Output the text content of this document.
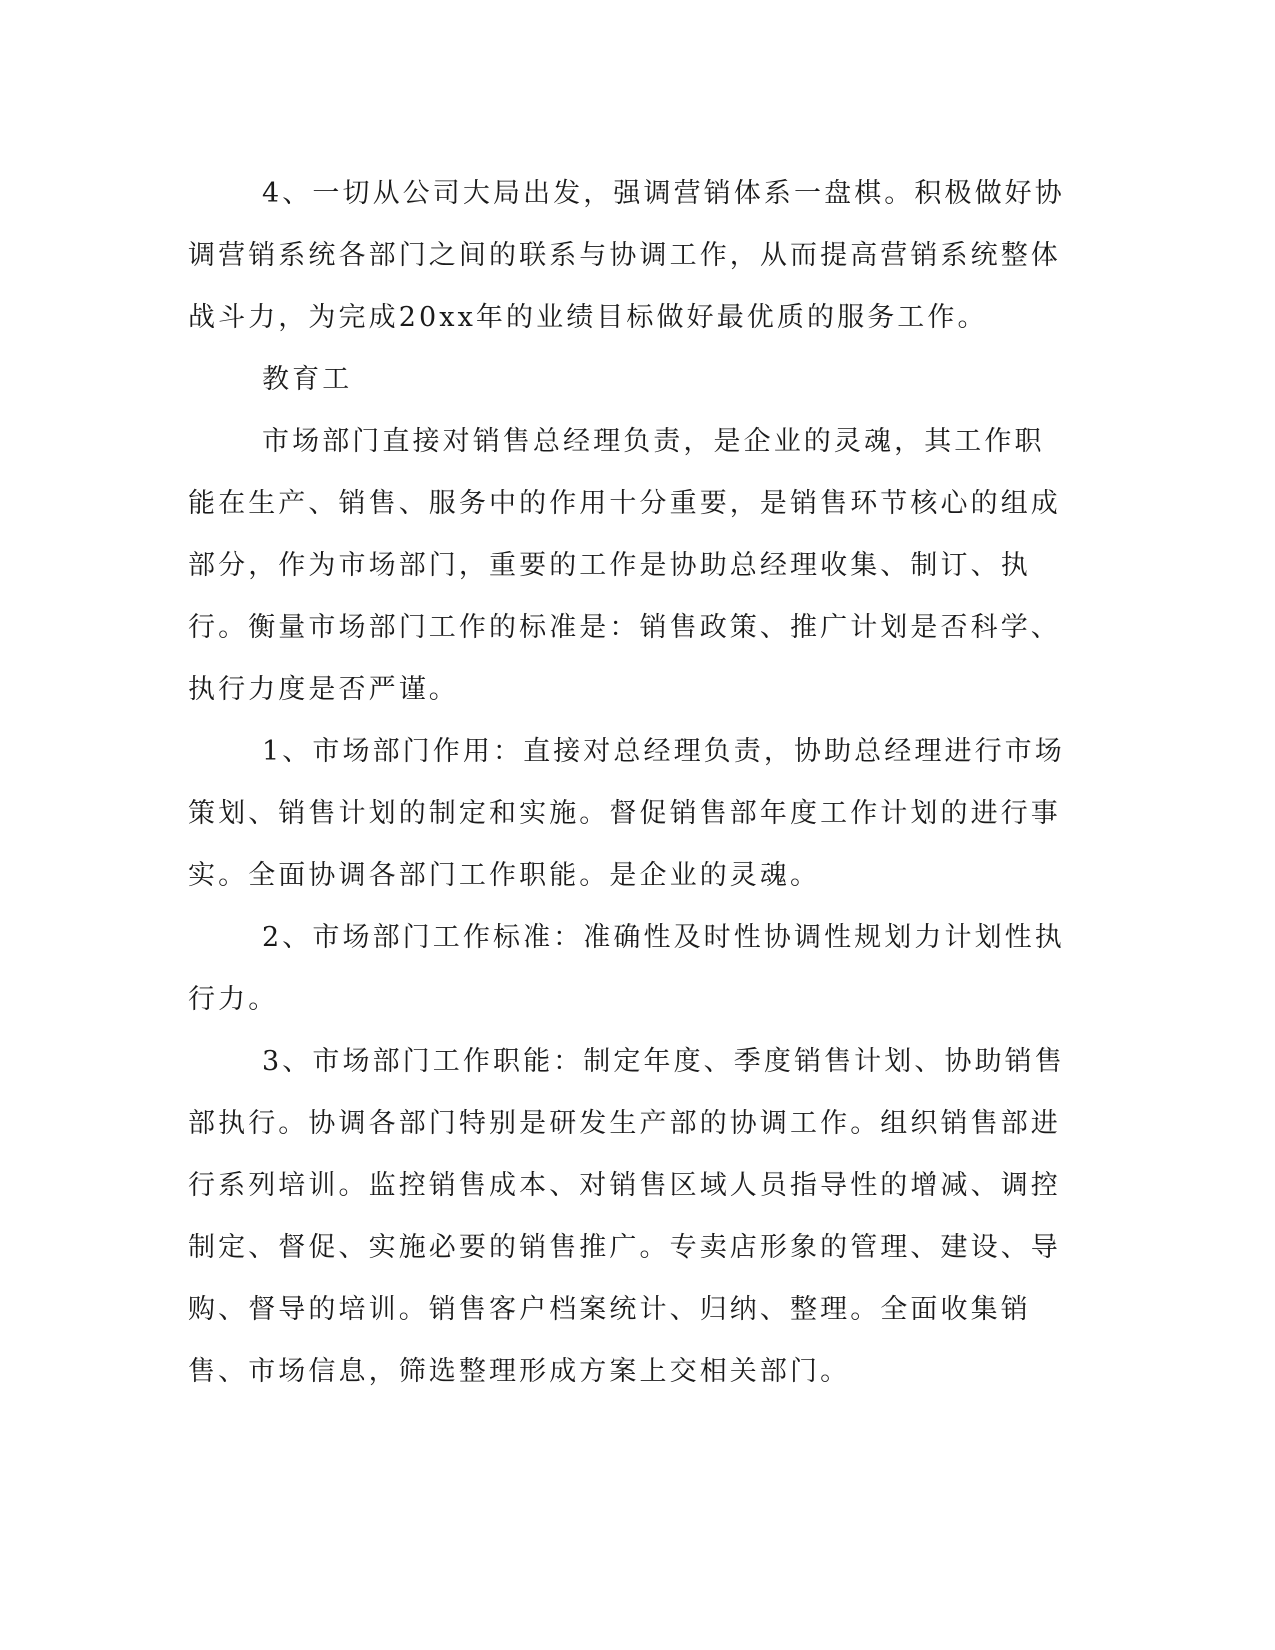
4、一切从公司大局出发，强调营销体系一盘棋。积极做好协调营销系统各部门之间的联系与协调工作，从而提高营销系统整体战斗力，为完成20xx年的业绩目标做好最优质的服务工作。

教育工

市场部门直接对销售总经理负责，是企业的灵魂，其工作职能在生产、销售、服务中的作用十分重要，是销售环节核心的组成部分，作为市场部门，重要的工作是协助总经理收集、制订、执行。衡量市场部门工作的标准是：销售政策、推广计划是否科学、执行力度是否严谨。

1、市场部门作用：直接对总经理负责，协助总经理进行市场策划、销售计划的制定和实施。督促销售部年度工作计划的进行事实。全面协调各部门工作职能。是企业的灵魂。

2、市场部门工作标准：准确性及时性协调性规划力计划性执行力。

3、市场部门工作职能：制定年度、季度销售计划、协助销售部执行。协调各部门特别是研发生产部的协调工作。组织销售部进行系列培训。监控销售成本、对销售区域人员指导性的增减、调控制定、督促、实施必要的销售推广。专卖店形象的管理、建设、导购、督导的培训。销售客户档案统计、归纳、整理。全面收集销售、市场信息，筛选整理形成方案上交相关部门。
